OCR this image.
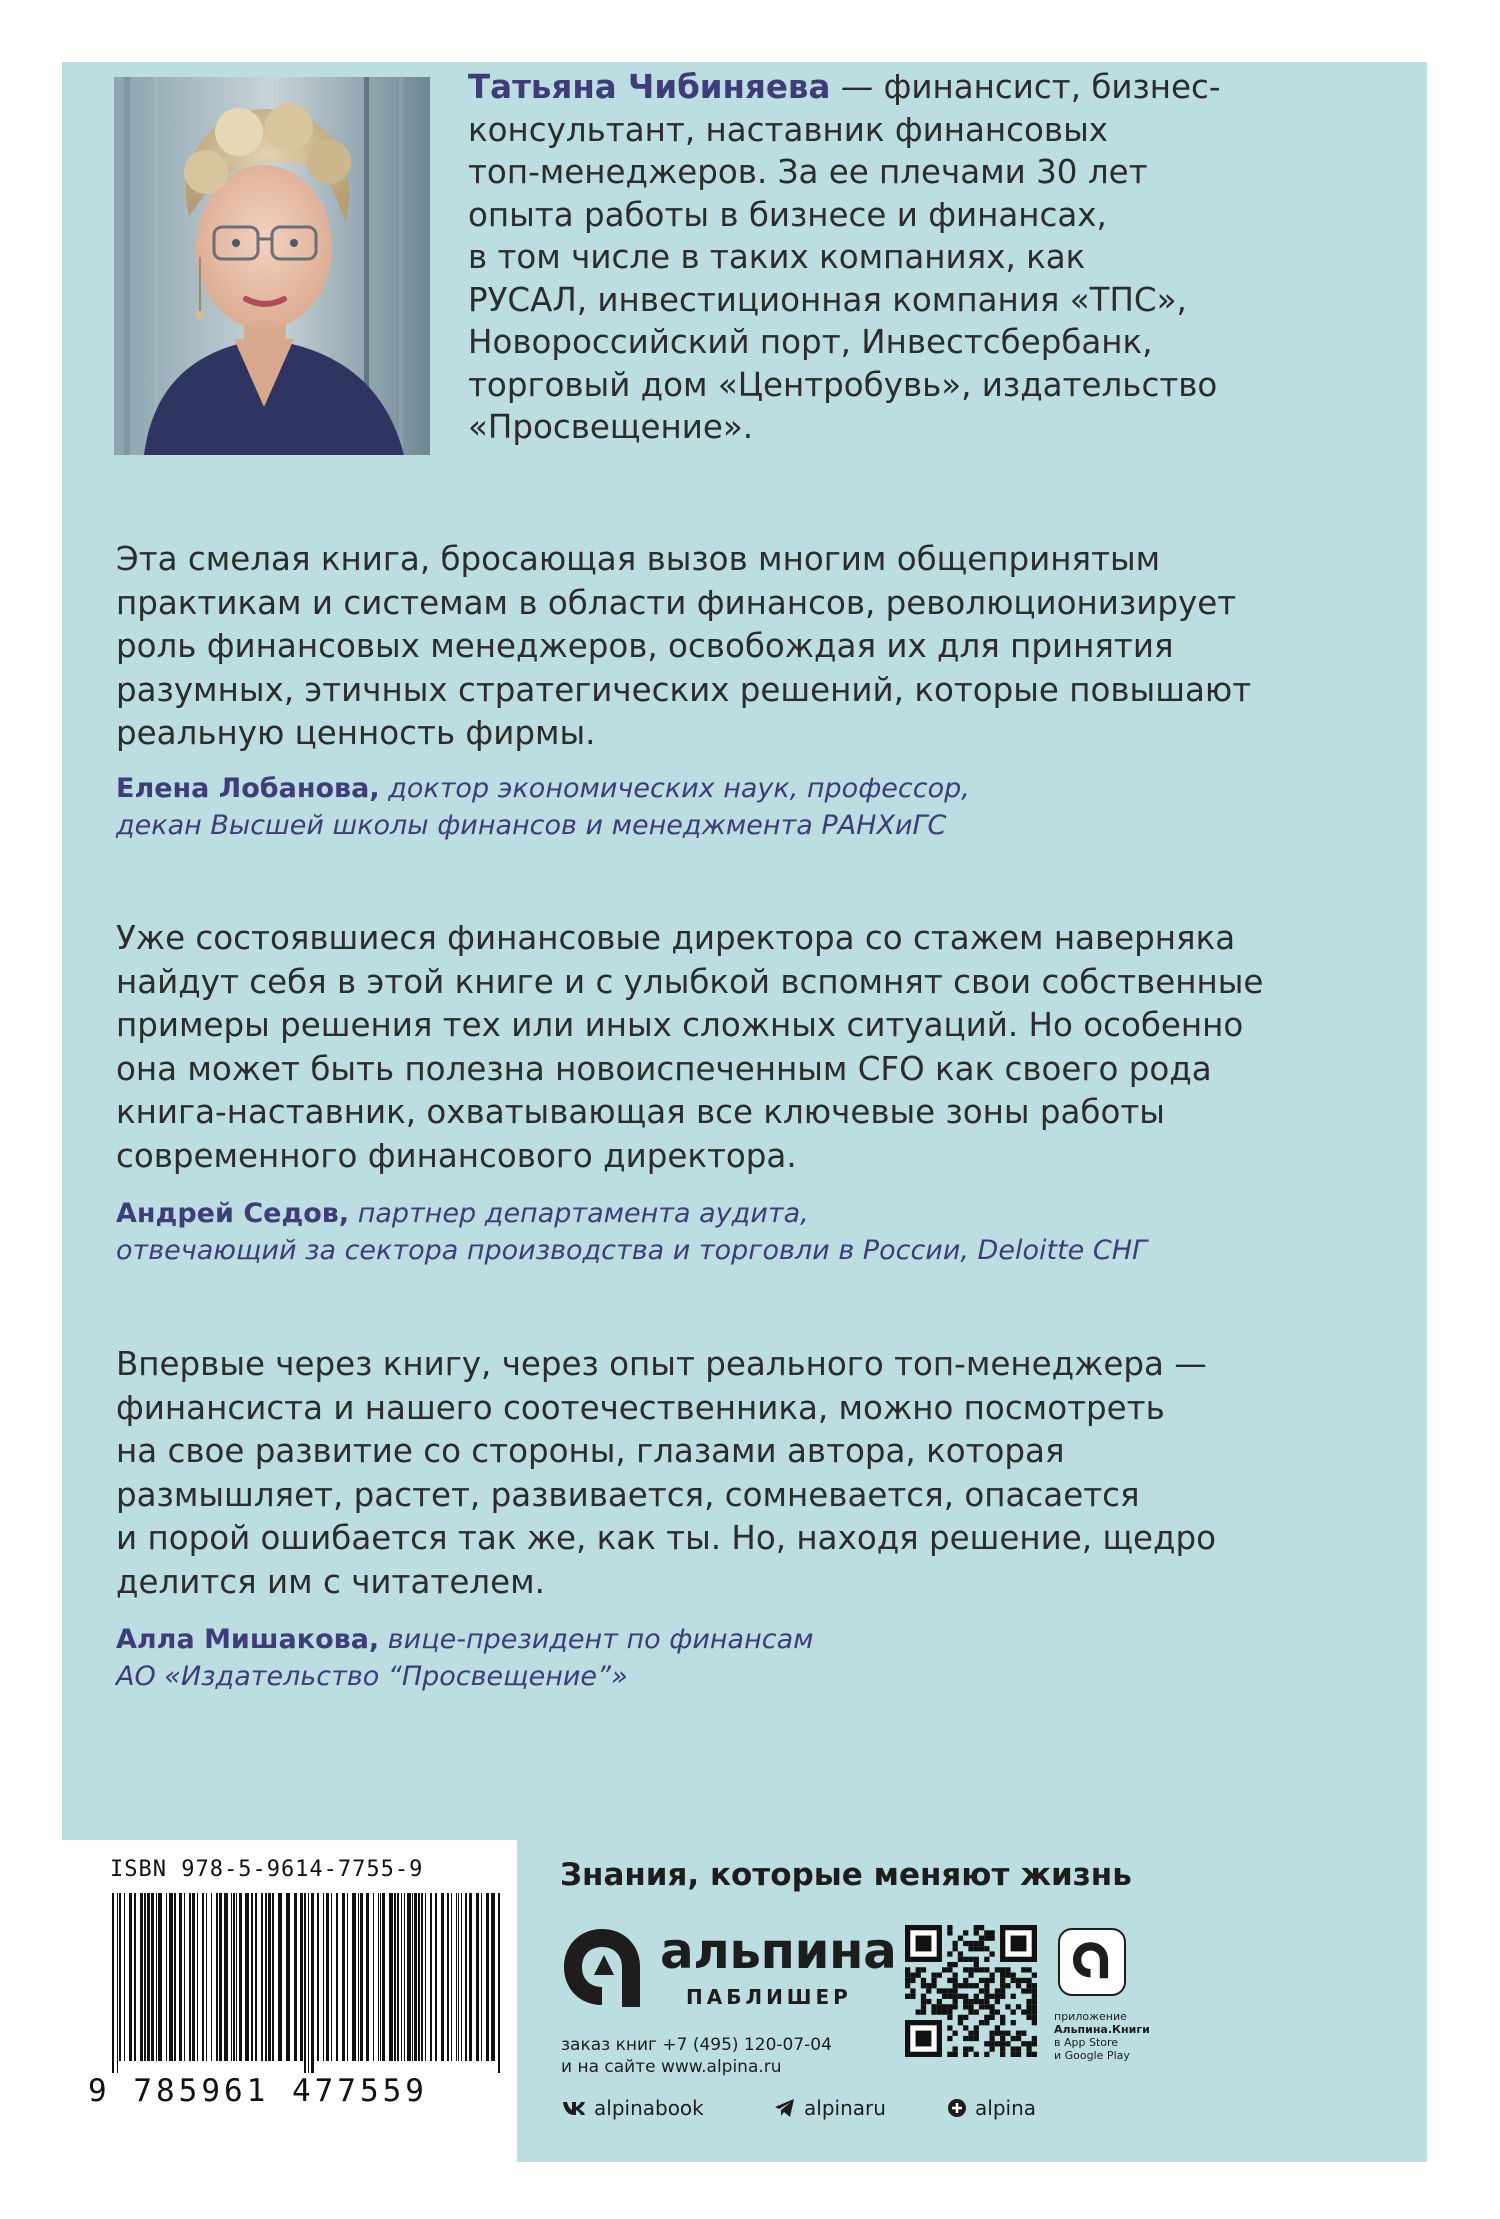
Татьяна Чибиняева — финансист, бизнес-
консультант, наставник финансовых
топ-менеджеров. За ее плечами 30 лет
опыта работы в бизнесе и финансах,
в том числе в таких компаниях, как
РУСАЛ, инвестиционная компания «ТПС»,
Новороссийский порт, Инвестсбербанк,
торговый дом «Центробувь», издательство
«Просвещение».
Эта смелая книга, бросающая вызов многим общепринятым
практикам и системам в области финансов, революционизирует
роль финансовых менеджеров, освобождая их для принятия
разумных, этичных стратегических решений, которые повышают
реальную ценность фирмы.
Елена Лобанова, доктор экономических наук, профессор,
декан Высшей школы финансов и менеджмента РАНХиГС
Уже состоявшиеся финансовые директора со стажем наверняка
найдут себя в этой книге и с улыбкой вспомнят свои собственные
примеры решения тех или иных сложных ситуаций. Но особенно
она может быть полезна новоиспеченным CFO как своего рода
книга-наставник, охватывающая все ключевые зоны работы
современного финансового директора.
Андрей Седов, партнер департамента аудита,
отвечающий за сектора производства и торговли в России, Deloitte СНГ
Впервые через книгу, через опыт реального топ-менеджера —
финансиста и нашего соотечественника, можно посмотреть
на свое развитие со стороны, глазами автора, которая
размышляет, растет, развивается, сомневается, опасается
и порой ошибается так же, как ты. Но, находя решение, щедро
делится им с читателем.
Алла Мишакова, вице-президент по финансам
АО «Издательство “Просвещение”»
ISBN 978-5-9614-7755-9
9 785961 477559
Знания, которые меняют жизнь
альпина
ПАБЛИШЕР
заказ книг +7 (495) 120-07-04
и на сайте www.alpina.ru
alpinabook	alpinaru	alpina
приложение
Альпина.Книги
в App Store
и Google Play
